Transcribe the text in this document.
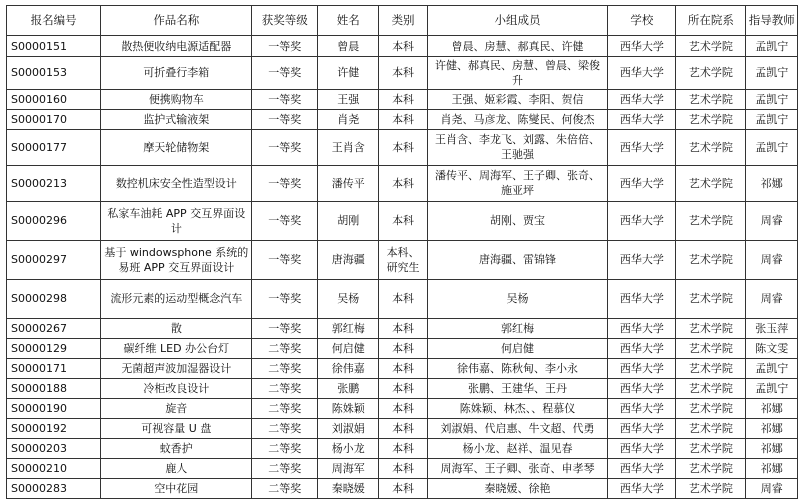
报名编号	作品名称	获奖等级	姓名	类别	小组成员	学校	所在院系	指导教师
S0000151	散热便收纳电源适配器	一等奖	曾晨	本科	曾晨、房慧、郝真民、许健	西华大学	艺术学院	孟凯宁
S0000153	可折叠行李箱	一等奖	许健	本科	许健、郝真民、房慧、曾晨、梁俊升	西华大学	艺术学院	孟凯宁
S0000160	便携购物车	一等奖	王强	本科	王强、姬彩霞、李阳、贺信	西华大学	艺术学院	孟凯宁
S0000170	监护式输液架	一等奖	肖尧	本科	肖尧、马彦龙、陈燮民、何俊杰	西华大学	艺术学院	孟凯宁
S0000177	摩天轮储物架	一等奖	王肖含	本科	王肖含、李龙飞、刘露、朱倍倍、王驰强	西华大学	艺术学院	孟凯宁
S0000213	数控机床安全性造型设计	一等奖	潘传平	本科	潘传平、周海军、王子卿、张奇、施亚坪	西华大学	艺术学院	祁娜
S0000296	私家车油耗 APP 交互界面设计	一等奖	胡刚	本科	胡刚、贾宝	西华大学	艺术学院	周睿
S0000297	基于 windowsphone 系统的易班 APP 交互界面设计	一等奖	唐海疆	本科、研究生	唐海疆、雷锦锋	西华大学	艺术学院	周睿
S0000298	流形元素的运动型概念汽车	一等奖	吴杨	本科	吴杨	西华大学	艺术学院	周睿
S0000267	散	一等奖	郭红梅	本科	郭红梅	西华大学	艺术学院	张玉萍
S0000129	碳纤维 LED 办公台灯	二等奖	何启健	本科	何启健	西华大学	艺术学院	陈文雯
S0000171	无菌超声波加湿器设计	二等奖	徐伟嘉	本科	徐伟嘉、陈秋甸、李小永	西华大学	艺术学院	孟凯宁
S0000188	冷柜改良设计	二等奖	张鹏	本科	张鹏、王建华、王丹	西华大学	艺术学院	孟凯宁
S0000190	旋音	二等奖	陈姝颖	本科	陈姝颖、林杰、、程慕仪	西华大学	艺术学院	祁娜
S0000192	可视容量 U 盘	二等奖	刘淑娟	本科	刘淑娟、代启惠、牛文超、代勇	西华大学	艺术学院	祁娜
S0000203	蚊香护	二等奖	杨小龙	本科	杨小龙、赵祥、温见春	西华大学	艺术学院	祁娜
S0000210	鹿人	二等奖	周海军	本科	周海军、王子卿、张奇、申孝琴	西华大学	艺术学院	祁娜
S0000283	空中花园	二等奖	秦晓媛	本科	秦晓媛、徐艳	西华大学	艺术学院	周睿
